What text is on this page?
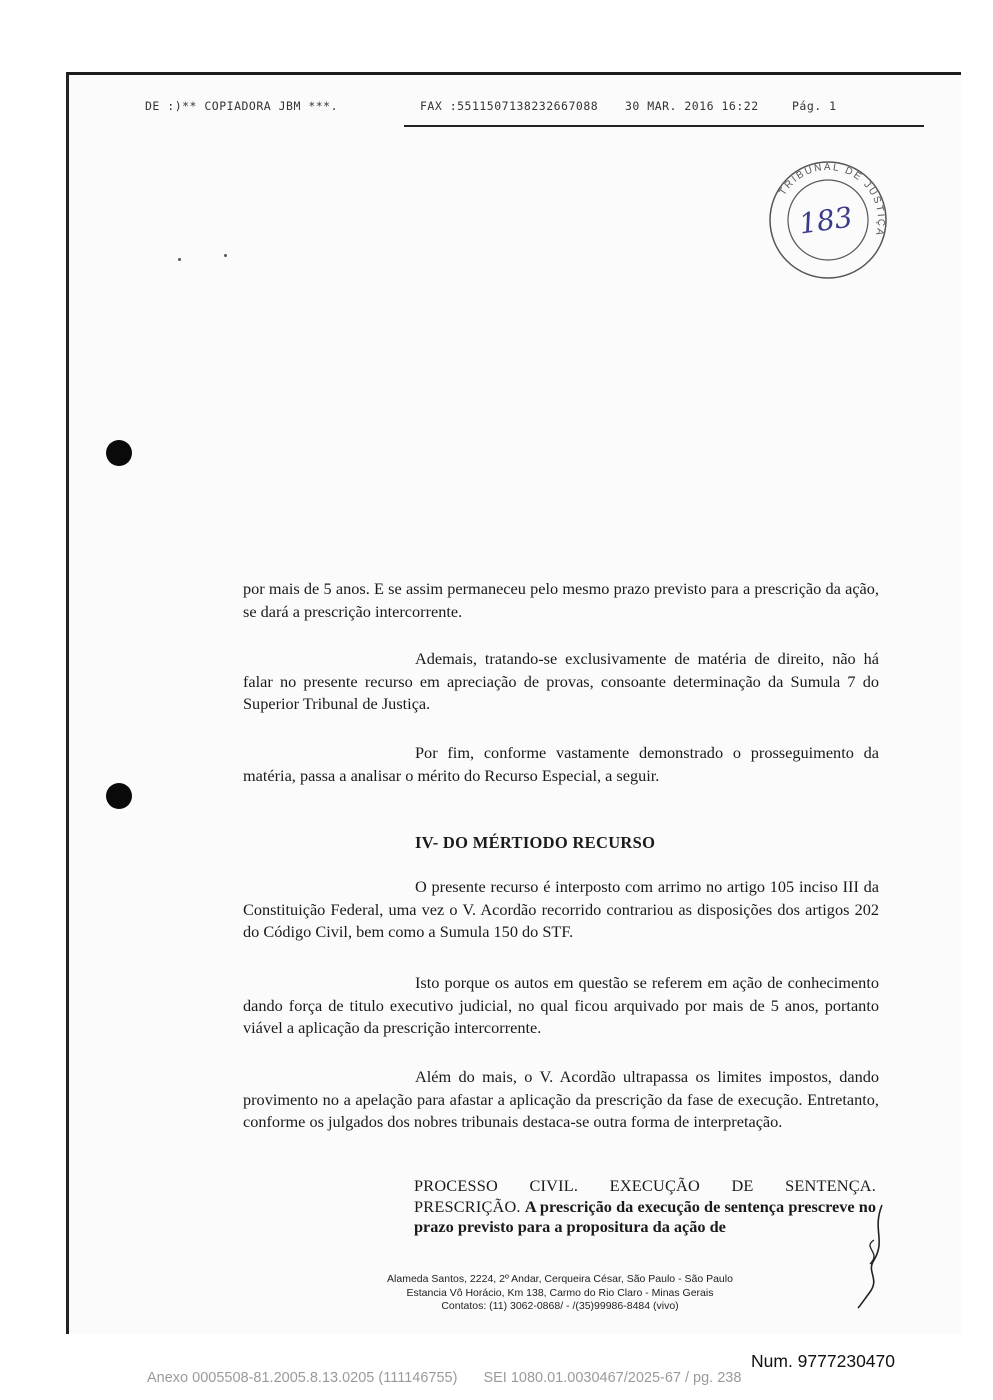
DE :)** COPIADORA JBM ***.	FAX :5511507138232667088 30 MAR. 2016 16:22	Pág. 1
TRIBUNAL DE JUSTIÇA
183

por mais de 5 anos. E se assim permaneceu pelo mesmo prazo previsto para a prescrição da ação, se dará a prescrição intercorrente.

Ademais, tratando-se exclusivamente de matéria de direito, não há falar no presente recurso em apreciação de provas, consoante determinação da Sumula 7 do Superior Tribunal de Justiça.

Por fim, conforme vastamente demonstrado o prosseguimento da matéria, passa a analisar o mérito do Recurso Especial, a seguir.

IV- DO MÉRTIODO RECURSO

O presente recurso é interposto com arrimo no artigo 105 inciso III da Constituição Federal, uma vez o V. Acordão recorrido contrariou as disposições dos artigos 202 do Código Civil, bem como a Sumula 150 do STF.

Isto porque os autos em questão se referem em ação de conhecimento dando força de titulo executivo judicial, no qual ficou arquivado por mais de 5 anos, portanto viável a aplicação da prescrição intercorrente.

Além do mais, o V. Acordão ultrapassa os limites impostos, dando provimento no a apelação para afastar a aplicação da prescrição da fase de execução. Entretanto, conforme os julgados dos nobres tribunais destaca-se outra forma de interpretação.

PROCESSO CIVIL. EXECUÇÃO DE SENTENÇA. PRESCRIÇÃO. A prescrição da execução de sentença prescreve no prazo previsto para a propositura da ação de
Alameda Santos, 2224, 2º Andar, Cerqueira César, São Paulo - São Paulo
Estancia Vô Horácio, Km 138, Carmo do Rio Claro - Minas Gerais
Contatos: (11) 3062-0868/ - /(35)99986-8484 (vivo)
Num. 9777230470
Anexo 0005508-81.2005.8.13.0205 (111146755) SEI 1080.01.0030467/2025-67 / pg. 238
